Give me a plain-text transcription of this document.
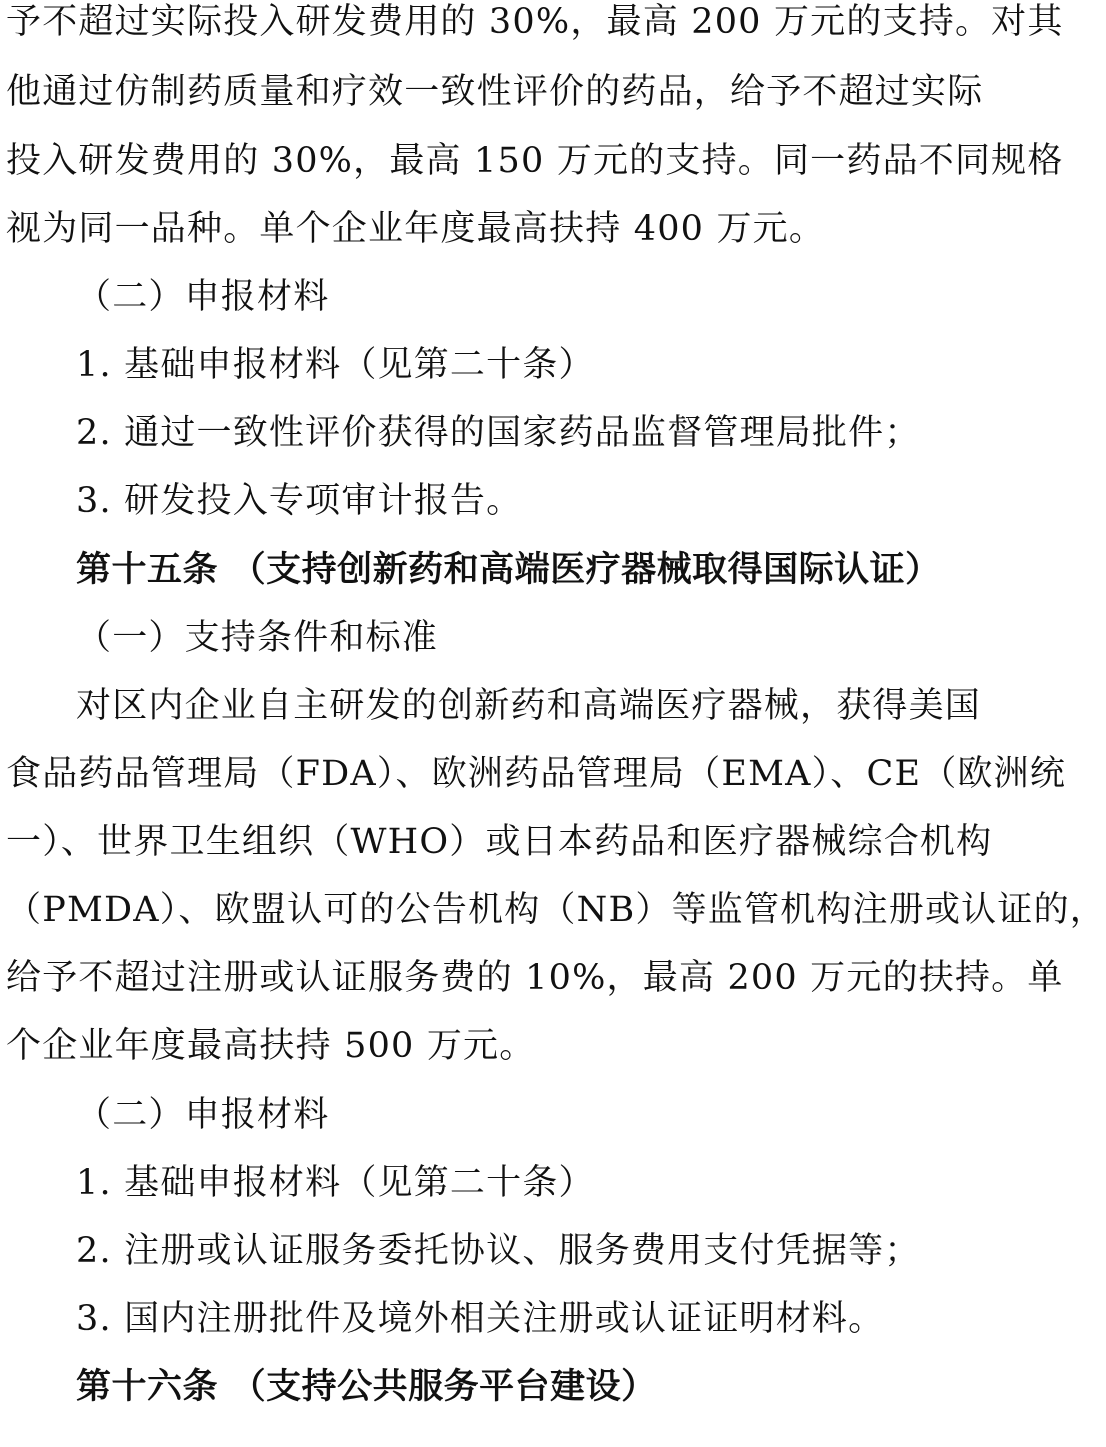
予不超过实际投入研发费用的 30%，最高 200 万元的支持。对其
他通过仿制药质量和疗效一致性评价的药品，给予不超过实际
投入研发费用的 30%，最高 150 万元的支持。同一药品不同规格
视为同一品种。单个企业年度最高扶持 400 万元。
（二）申报材料
1. 基础申报材料（见第二十条）
2. 通过一致性评价获得的国家药品监督管理局批件；
3. 研发投入专项审计报告。
第十五条 （支持创新药和高端医疗器械取得国际认证）
（一）支持条件和标准
对区内企业自主研发的创新药和高端医疗器械，获得美国
食品药品管理局（FDA）、欧洲药品管理局（EMA）、CE（欧洲统
一）、世界卫生组织（WHO）或日本药品和医疗器械综合机构
（PMDA）、欧盟认可的公告机构（NB）等监管机构注册或认证的，
给予不超过注册或认证服务费的 10%，最高 200 万元的扶持。单
个企业年度最高扶持 500 万元。
（二）申报材料
1. 基础申报材料（见第二十条）
2. 注册或认证服务委托协议、服务费用支付凭据等；
3. 国内注册批件及境外相关注册或认证证明材料。
第十六条 （支持公共服务平台建设）
